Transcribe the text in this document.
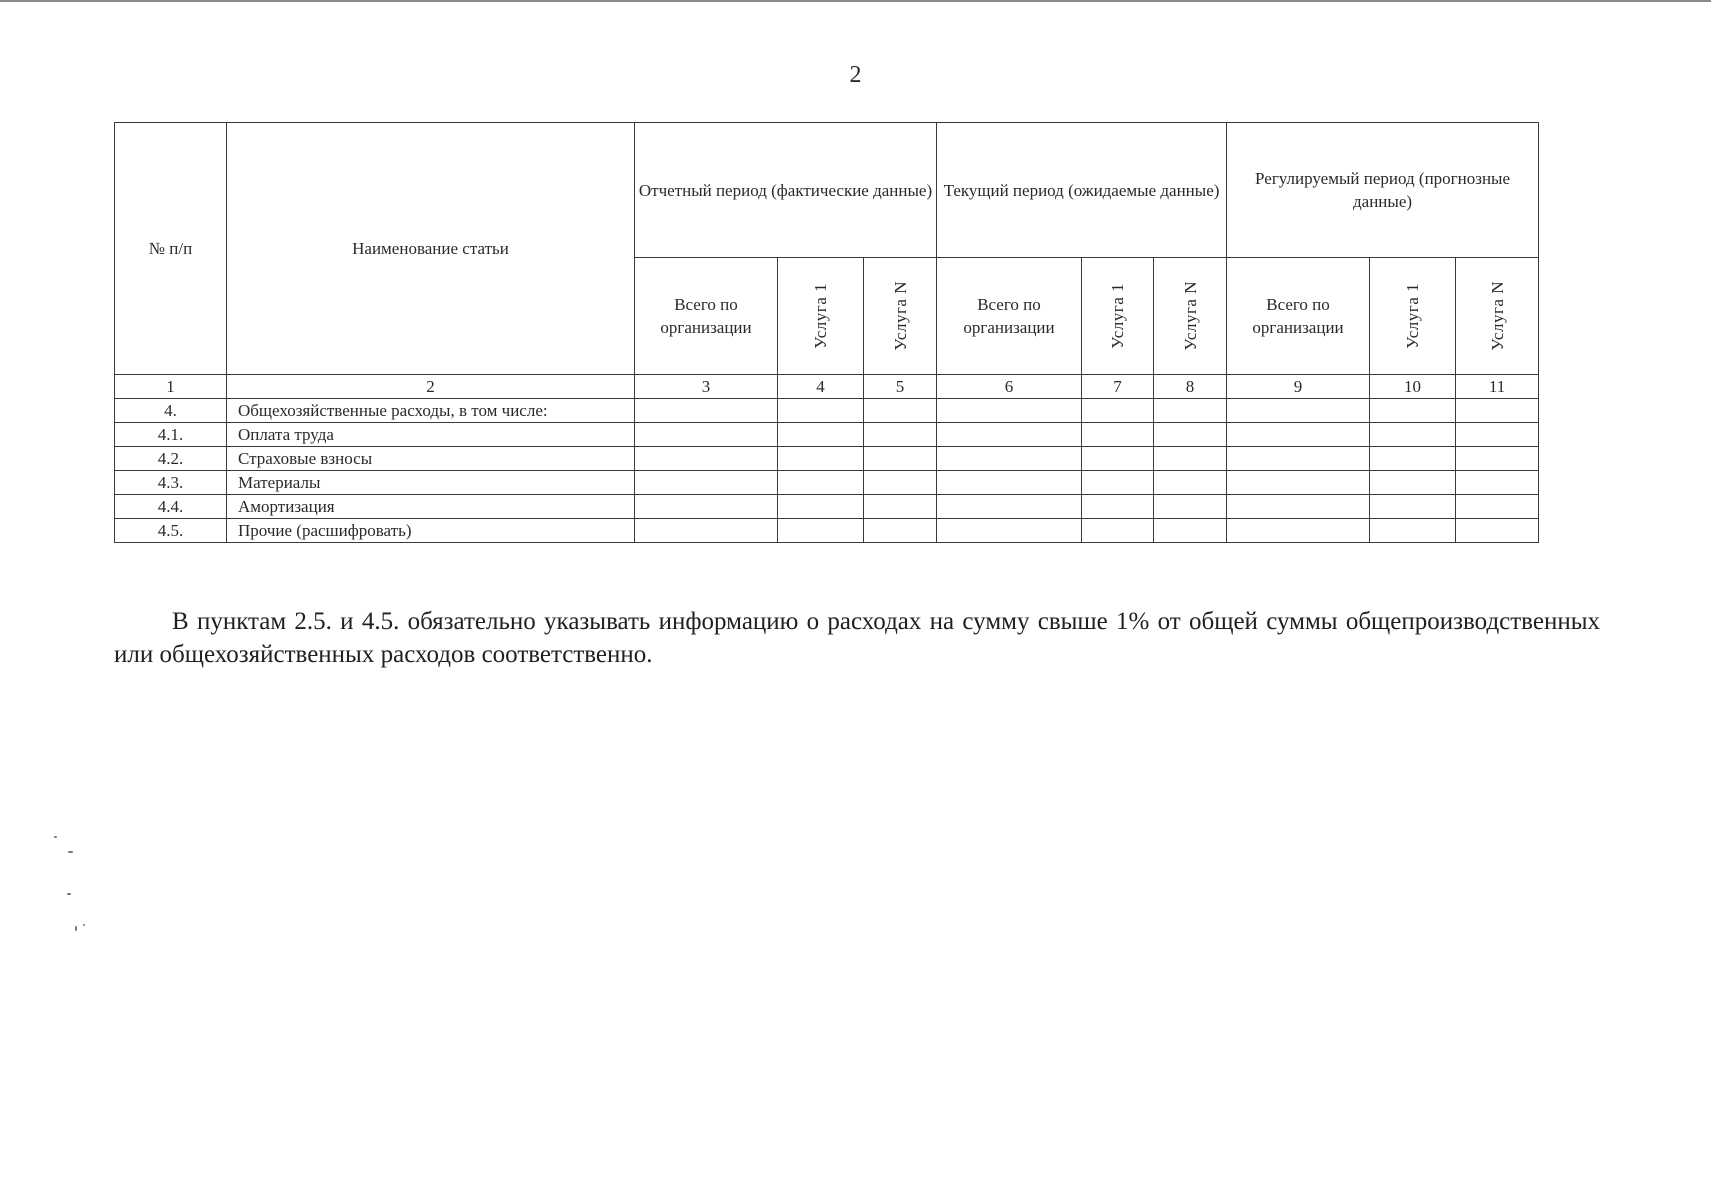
2
№ п/п	Наименование статьи	Отчетный период (фактические данные)			Текущий период (ожидаемые данные)			Регулируемый период (прогнозные данные)		
		Всего по организации	Услуга 1	Услуга N	Всего по организации	Услуга 1	Услуга N	Всего по организации	Услуга 1	Услуга N

1	2	3	4	5	6	7	8	9	10	11
4.	Общехозяйственные расходы, в том числе:									
4.1.	Оплата труда									
4.2.	Страховые взносы									
4.3.	Материалы									
4.4.	Амортизация									
4.5.	Прочие (расшифровать)									

В пунктам 2.5. и 4.5. обязательно указывать информацию о расходах на сумму свыше 1% от общей суммы общепроизводственных или общехозяйственных расходов соответственно.
